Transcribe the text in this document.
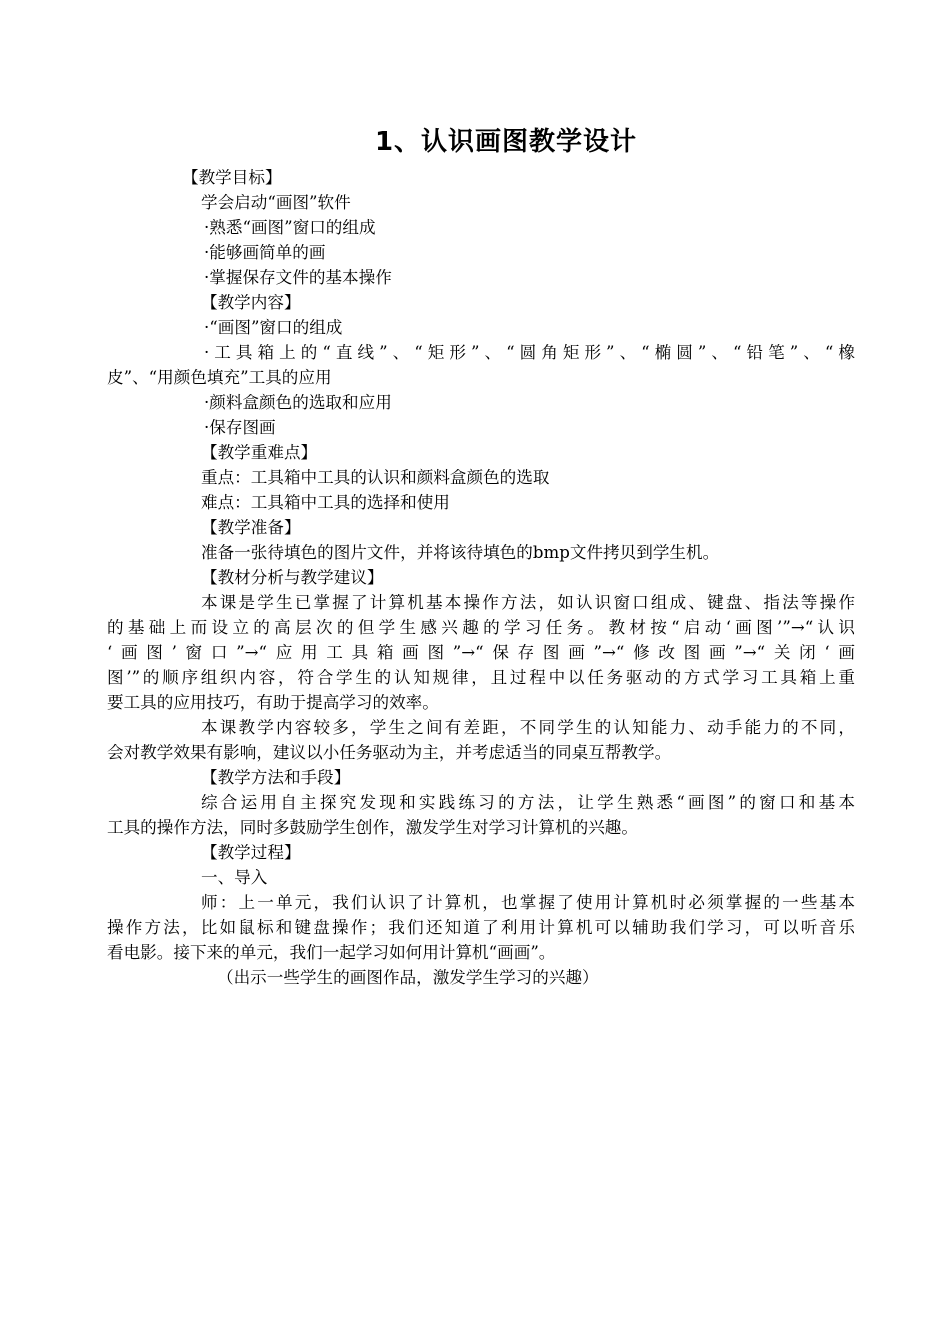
1、认识画图教学设计
【教学目标】
学会启动“画图”软件
·熟悉“画图”窗口的组成
·能够画简单的画
·掌握保存文件的基本操作
【教学内容】
·“画图”窗口的组成
·工具箱上的“直线”、“矩形”、“圆角矩形”、“椭圆”、“铅笔”、“橡
皮”、“用颜色填充”工具的应用
·颜料盒颜色的选取和应用
·保存图画
【教学重难点】
重点：工具箱中工具的认识和颜料盒颜色的选取
难点：工具箱中工具的选择和使用
【教学准备】
准备一张待填色的图片文件，并将该待填色的bmp文件拷贝到学生机。
【教材分析与教学建议】
本课是学生已掌握了计算机基本操作方法，如认识窗口组成、键盘、指法等操作
的基础上而设立的高层次的但学生感兴趣的学习任务。教材按“启动‘画图’”→“认识
‘画图’窗口”→“应用工具箱画图”→“保存图画”→“修改图画”→“关闭‘画
图’”的顺序组织内容，符合学生的认知规律，且过程中以任务驱动的方式学习工具箱上重
要工具的应用技巧，有助于提高学习的效率。
本课教学内容较多，学生之间有差距，不同学生的认知能力、动手能力的不同，
会对教学效果有影响，建议以小任务驱动为主，并考虑适当的同桌互帮教学。
【教学方法和手段】
综合运用自主探究发现和实践练习的方法，让学生熟悉“画图”的窗口和基本
工具的操作方法，同时多鼓励学生创作，激发学生对学习计算机的兴趣。
【教学过程】
一、导入
师：上一单元，我们认识了计算机，也掌握了使用计算机时必须掌握的一些基本
操作方法，比如鼠标和键盘操作；我们还知道了利用计算机可以辅助我们学习，可以听音乐
看电影。接下来的单元，我们一起学习如何用计算机“画画”。
（出示一些学生的画图作品，激发学生学习的兴趣）
